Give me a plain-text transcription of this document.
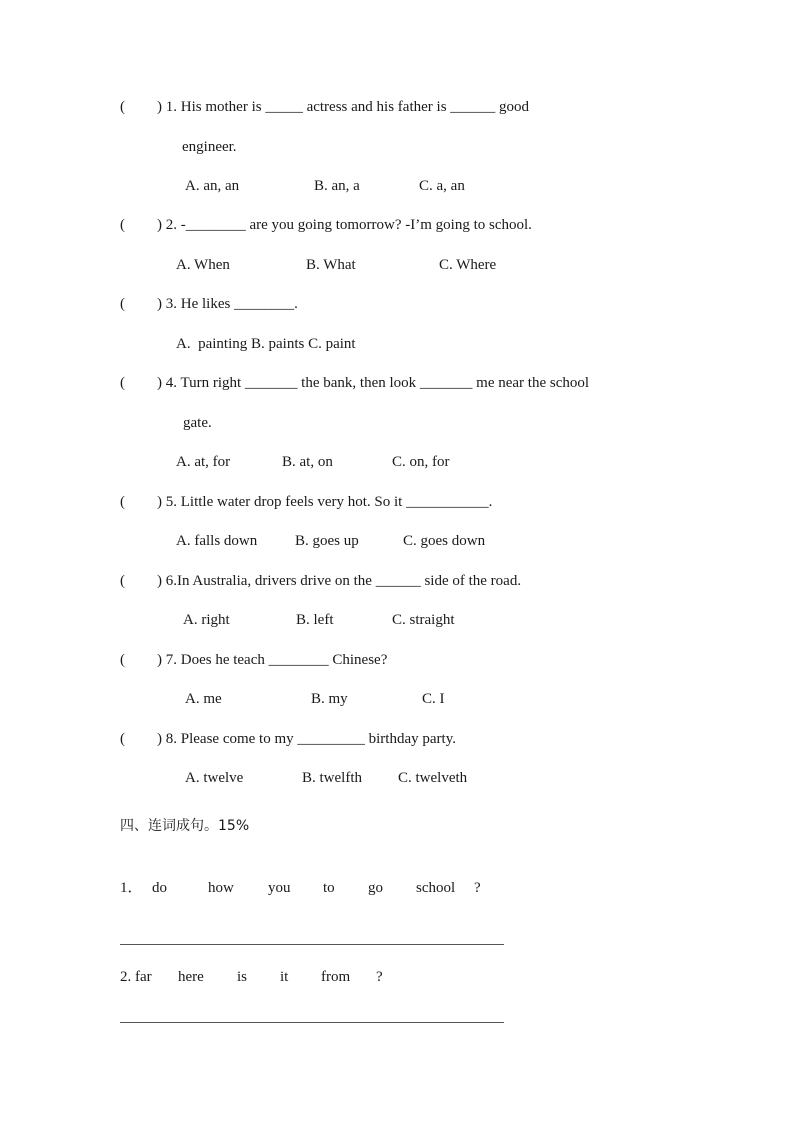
( ) 1. His mother is _____ actress and his father is ______ good
engineer.
A. an, an	B. an, a	C. a, an
( ) 2. -________ are you going tomorrow? -I’m going to school.
A. When	B. What	C. Where
( ) 3. He likes ________.
A.  painting B. paints C. paint
( ) 4. Turn right _______ the bank, then look _______ me near the school
gate.
A. at, for	B. at, on	C. on, for
( ) 5. Little water drop feels very hot. So it ___________.
A. falls down	B. goes up	C. goes down
( ) 6.In Australia, drivers drive on the ______ side of the road.
A. right	B. left	C. straight
( ) 7. Does he teach ________ Chinese?
A. me	B. my	C. I
( ) 8. Please come to my _________ birthday party.
A. twelve	B. twelfth C. twelveth
四、连词成句。15%
1． do	how you to go school ?
2. far here is it from ?
